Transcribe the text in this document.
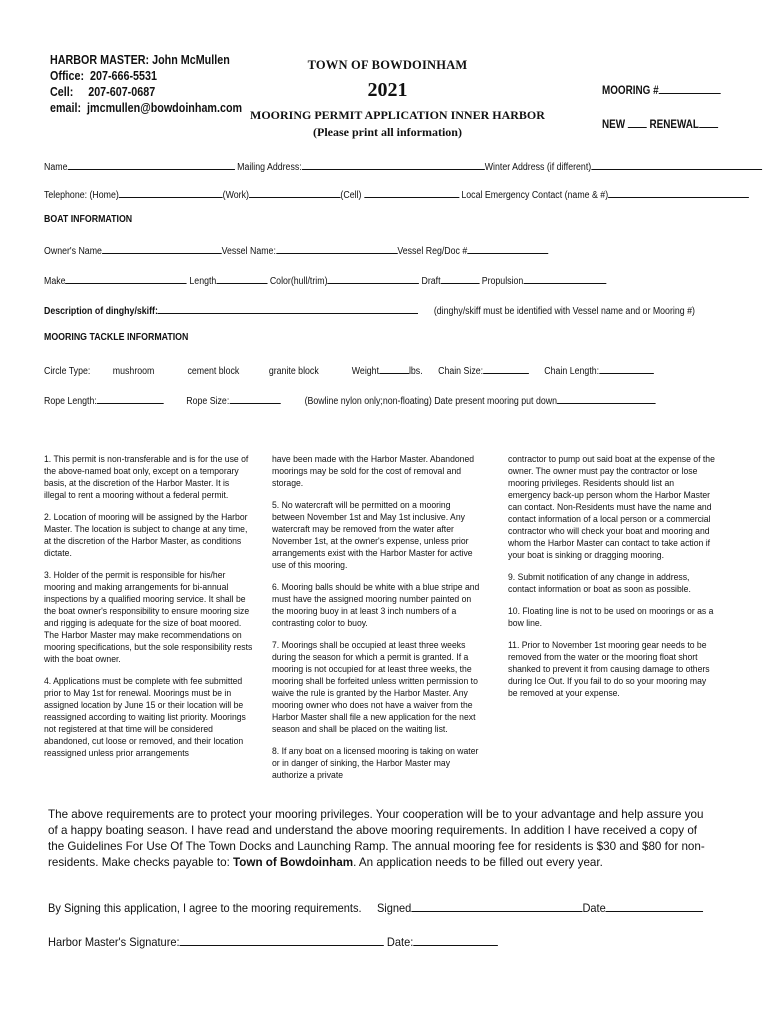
HARBOR MASTER: John McMullen
Office:  207-666-5531
Cell:     207-607-0687
email:  jmcmullen@bowdoinham.com
TOWN OF BOWDOINHAM
2021
MOORING PERMIT APPLICATION INNER HARBOR
(Please print all information)
MOORING #
NEW RENEWAL
Name	Mailing Address:	Winter Address (if different)
Telephone: (Home)	(Work)	(Cell)	Local Emergency Contact (name & #)
BOAT INFORMATION
Owner's Name	Vessel Name:	Vessel Reg/Doc #
Make	Length	Color(hull/trim)	Draft	Propulsion
Description of dinghy/skiff:	(dinghy/skiff must be identified with Vessel name and or Mooring #)
MOORING TACKLE INFORMATION
Circle Type: mushroom	cement block	granite block	Weight	lbs. Chain Size:	Chain Length:
Rope Length:	Rope Size:	(Bowline nylon only;non-floating) Date present mooring put down

1. This permit is non-transferable and is for the use of the above-named boat only, except on a temporary basis, at the discretion of the Harbor Master. It is illegal to rent a mooring without a federal permit.

2. Location of mooring will be assigned by the Harbor Master. The location is subject to change at any time, at the discretion of the Harbor Master, as conditions dictate.

3. Holder of the permit is responsible for his/her mooring and making arrangements for bi-annual inspections by a qualified mooring service. It shall be the boat owner's responsibility to ensure mooring size and rigging is adequate for the size of boat moored. The Harbor Master may make recommendations on mooring specifications, but the sole responsibility rests with the boat owner.

4. Applications must be complete with fee submitted prior to May 1st for renewal. Moorings must be in assigned location by June 15 or their location will be reassigned according to waiting list priority. Moorings not registered at that time will be considered abandoned, cut loose or removed, and their location reassigned unless prior arrangements

have been made with the Harbor Master. Abandoned moorings may be sold for the cost of removal and storage.

5. No watercraft will be permitted on a mooring between November 1st and May 1st inclusive. Any watercraft may be removed from the water after November 1st, at the owner's expense, unless prior arrangements exist with the Harbor Master for active use of this mooring.

6. Mooring balls should be white with a blue stripe and must have the assigned mooring number painted on the mooring buoy in at least 3 inch numbers of a contrasting color to buoy.

7. Moorings shall be occupied at least three weeks during the season for which a permit is granted. If a mooring is not occupied for at least three weeks, the mooring shall be forfeited unless written permission to waive the rule is granted by the Harbor Master. Any mooring owner who does not have a waiver from the Harbor Master shall file a new application for the next season and shall be placed on the waiting list.

8. If any boat on a licensed mooring is taking on water or in danger of sinking, the Harbor Master may authorize a private

contractor to pump out said boat at the expense of the owner. The owner must pay the contractor or lose mooring privileges. Residents should list an emergency back-up person whom the Harbor Master can contact. Non-Residents must have the name and contact information of a local person or a commercial contractor who will check your boat and mooring and whom the Harbor Master can contact to take action if your boat is sinking or dragging mooring.

9. Submit notification of any change in address, contact information or boat as soon as possible.

10. Floating line is not to be used on moorings or as a bow line.

11. Prior to November 1st mooring gear needs to be removed from the water or the mooring float short shanked to prevent it from causing damage to others during Ice Out. If you fail to do so your mooring may be removed at your expense.

The above requirements are to protect your mooring privileges. Your cooperation will be to your advantage and help assure you of a happy boating season. I have read and understand the above mooring requirements. In addition I have received a copy of the Guidelines For Use Of The Town Docks and Launching Ramp. The annual mooring fee for residents is $30 and $80 for non-residents. Make checks payable to: Town of Bowdoinham. An application needs to be filled out every year.
By Signing this application, I agree to the mooring requirements. Signed	Date
Harbor Master's Signature:	Date:
